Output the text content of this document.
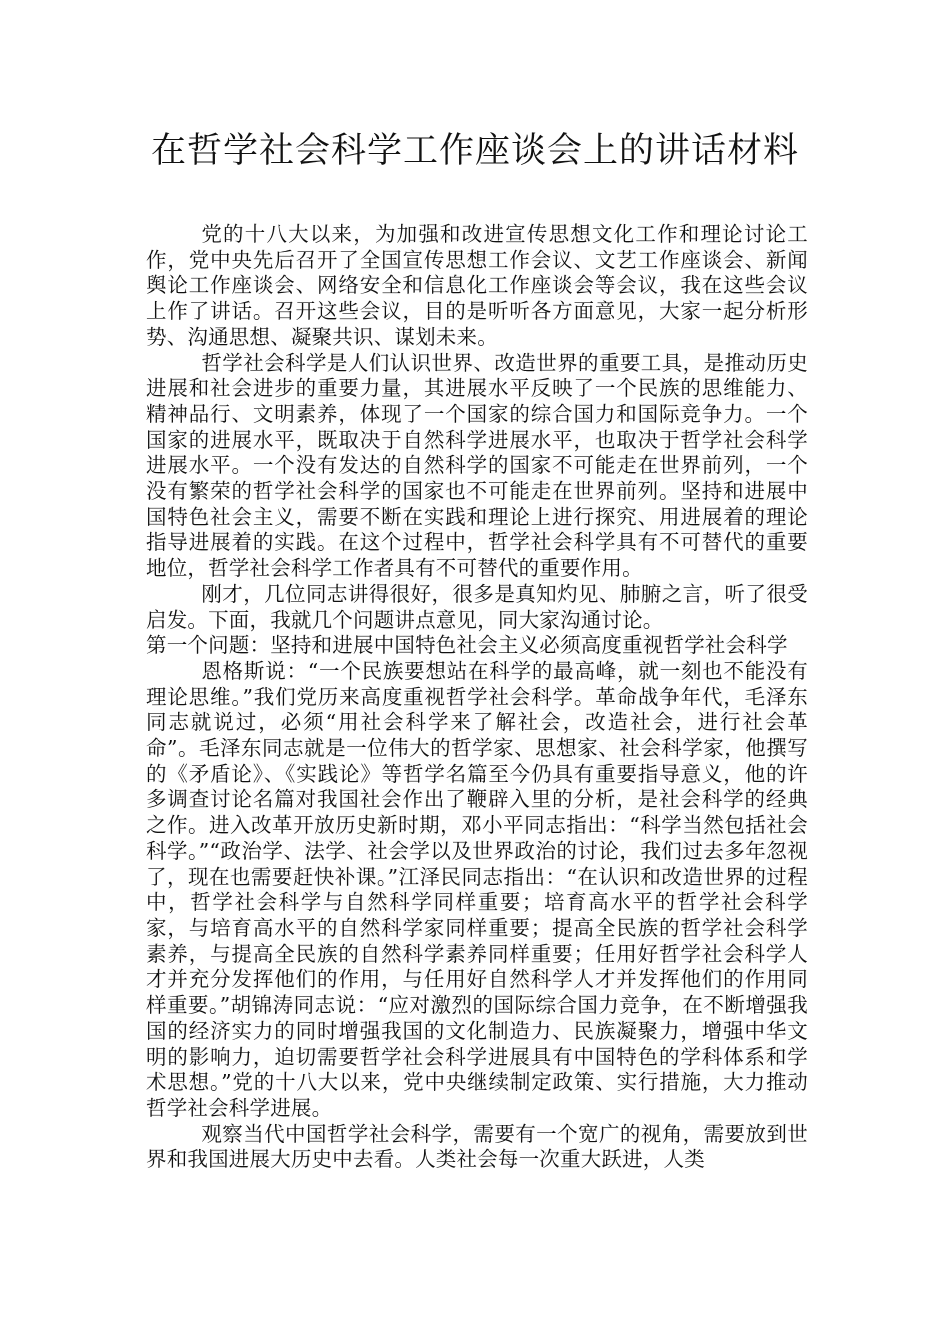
在哲学社会科学工作座谈会上的讲话材料

党的十八大以来，为加强和改进宣传思想文化工作和理论讨论工作，党中央先后召开了全国宣传思想工作会议、文艺工作座谈会、新闻舆论工作座谈会、网络安全和信息化工作座谈会等会议，我在这些会议上作了讲话。召开这些会议，目的是听听各方面意见，大家一起分析形势、沟通思想、凝聚共识、谋划未来。

哲学社会科学是人们认识世界、改造世界的重要工具，是推动历史进展和社会进步的重要力量，其进展水平反映了一个民族的思维能力、精神品行、文明素养，体现了一个国家的综合国力和国际竞争力。一个国家的进展水平，既取决于自然科学进展水平，也取决于哲学社会科学进展水平。一个没有发达的自然科学的国家不可能走在世界前列，一个没有繁荣的哲学社会科学的国家也不可能走在世界前列。坚持和进展中国特色社会主义，需要不断在实践和理论上进行探究、用进展着的理论指导进展着的实践。在这个过程中，哲学社会科学具有不可替代的重要地位，哲学社会科学工作者具有不可替代的重要作用。

刚才，几位同志讲得很好，很多是真知灼见、肺腑之言，听了很受启发。下面，我就几个问题讲点意见，同大家沟通讨论。

第一个问题：坚持和进展中国特色社会主义必须高度重视哲学社会科学

恩格斯说：“一个民族要想站在科学的最高峰，就一刻也不能没有理论思维。”我们党历来高度重视哲学社会科学。革命战争年代，毛泽东同志就说过，必须“用社会科学来了解社会，改造社会，进行社会革命”。毛泽东同志就是一位伟大的哲学家、思想家、社会科学家，他撰写的《矛盾论》、《实践论》等哲学名篇至今仍具有重要指导意义，他的许多调查讨论名篇对我国社会作出了鞭辟入里的分析，是社会科学的经典之作。进入改革开放历史新时期，邓小平同志指出：“科学当然包括社会科学。”“政治学、法学、社会学以及世界政治的讨论，我们过去多年忽视了，现在也需要赶快补课。”江泽民同志指出：“在认识和改造世界的过程中，哲学社会科学与自然科学同样重要；培育高水平的哲学社会科学家，与培育高水平的自然科学家同样重要；提高全民族的哲学社会科学素养，与提高全民族的自然科学素养同样重要；任用好哲学社会科学人才并充分发挥他们的作用，与任用好自然科学人才并发挥他们的作用同样重要。”胡锦涛同志说：“应对激烈的国际综合国力竞争，在不断增强我国的经济实力的同时增强我国的文化制造力、民族凝聚力，增强中华文明的影响力，迫切需要哲学社会科学进展具有中国特色的学科体系和学术思想。”党的十八大以来，党中央继续制定政策、实行措施，大力推动哲学社会科学进展。

观察当代中国哲学社会科学，需要有一个宽广的视角，需要放到世界和我国进展大历史中去看。人类社会每一次重大跃进，人类
